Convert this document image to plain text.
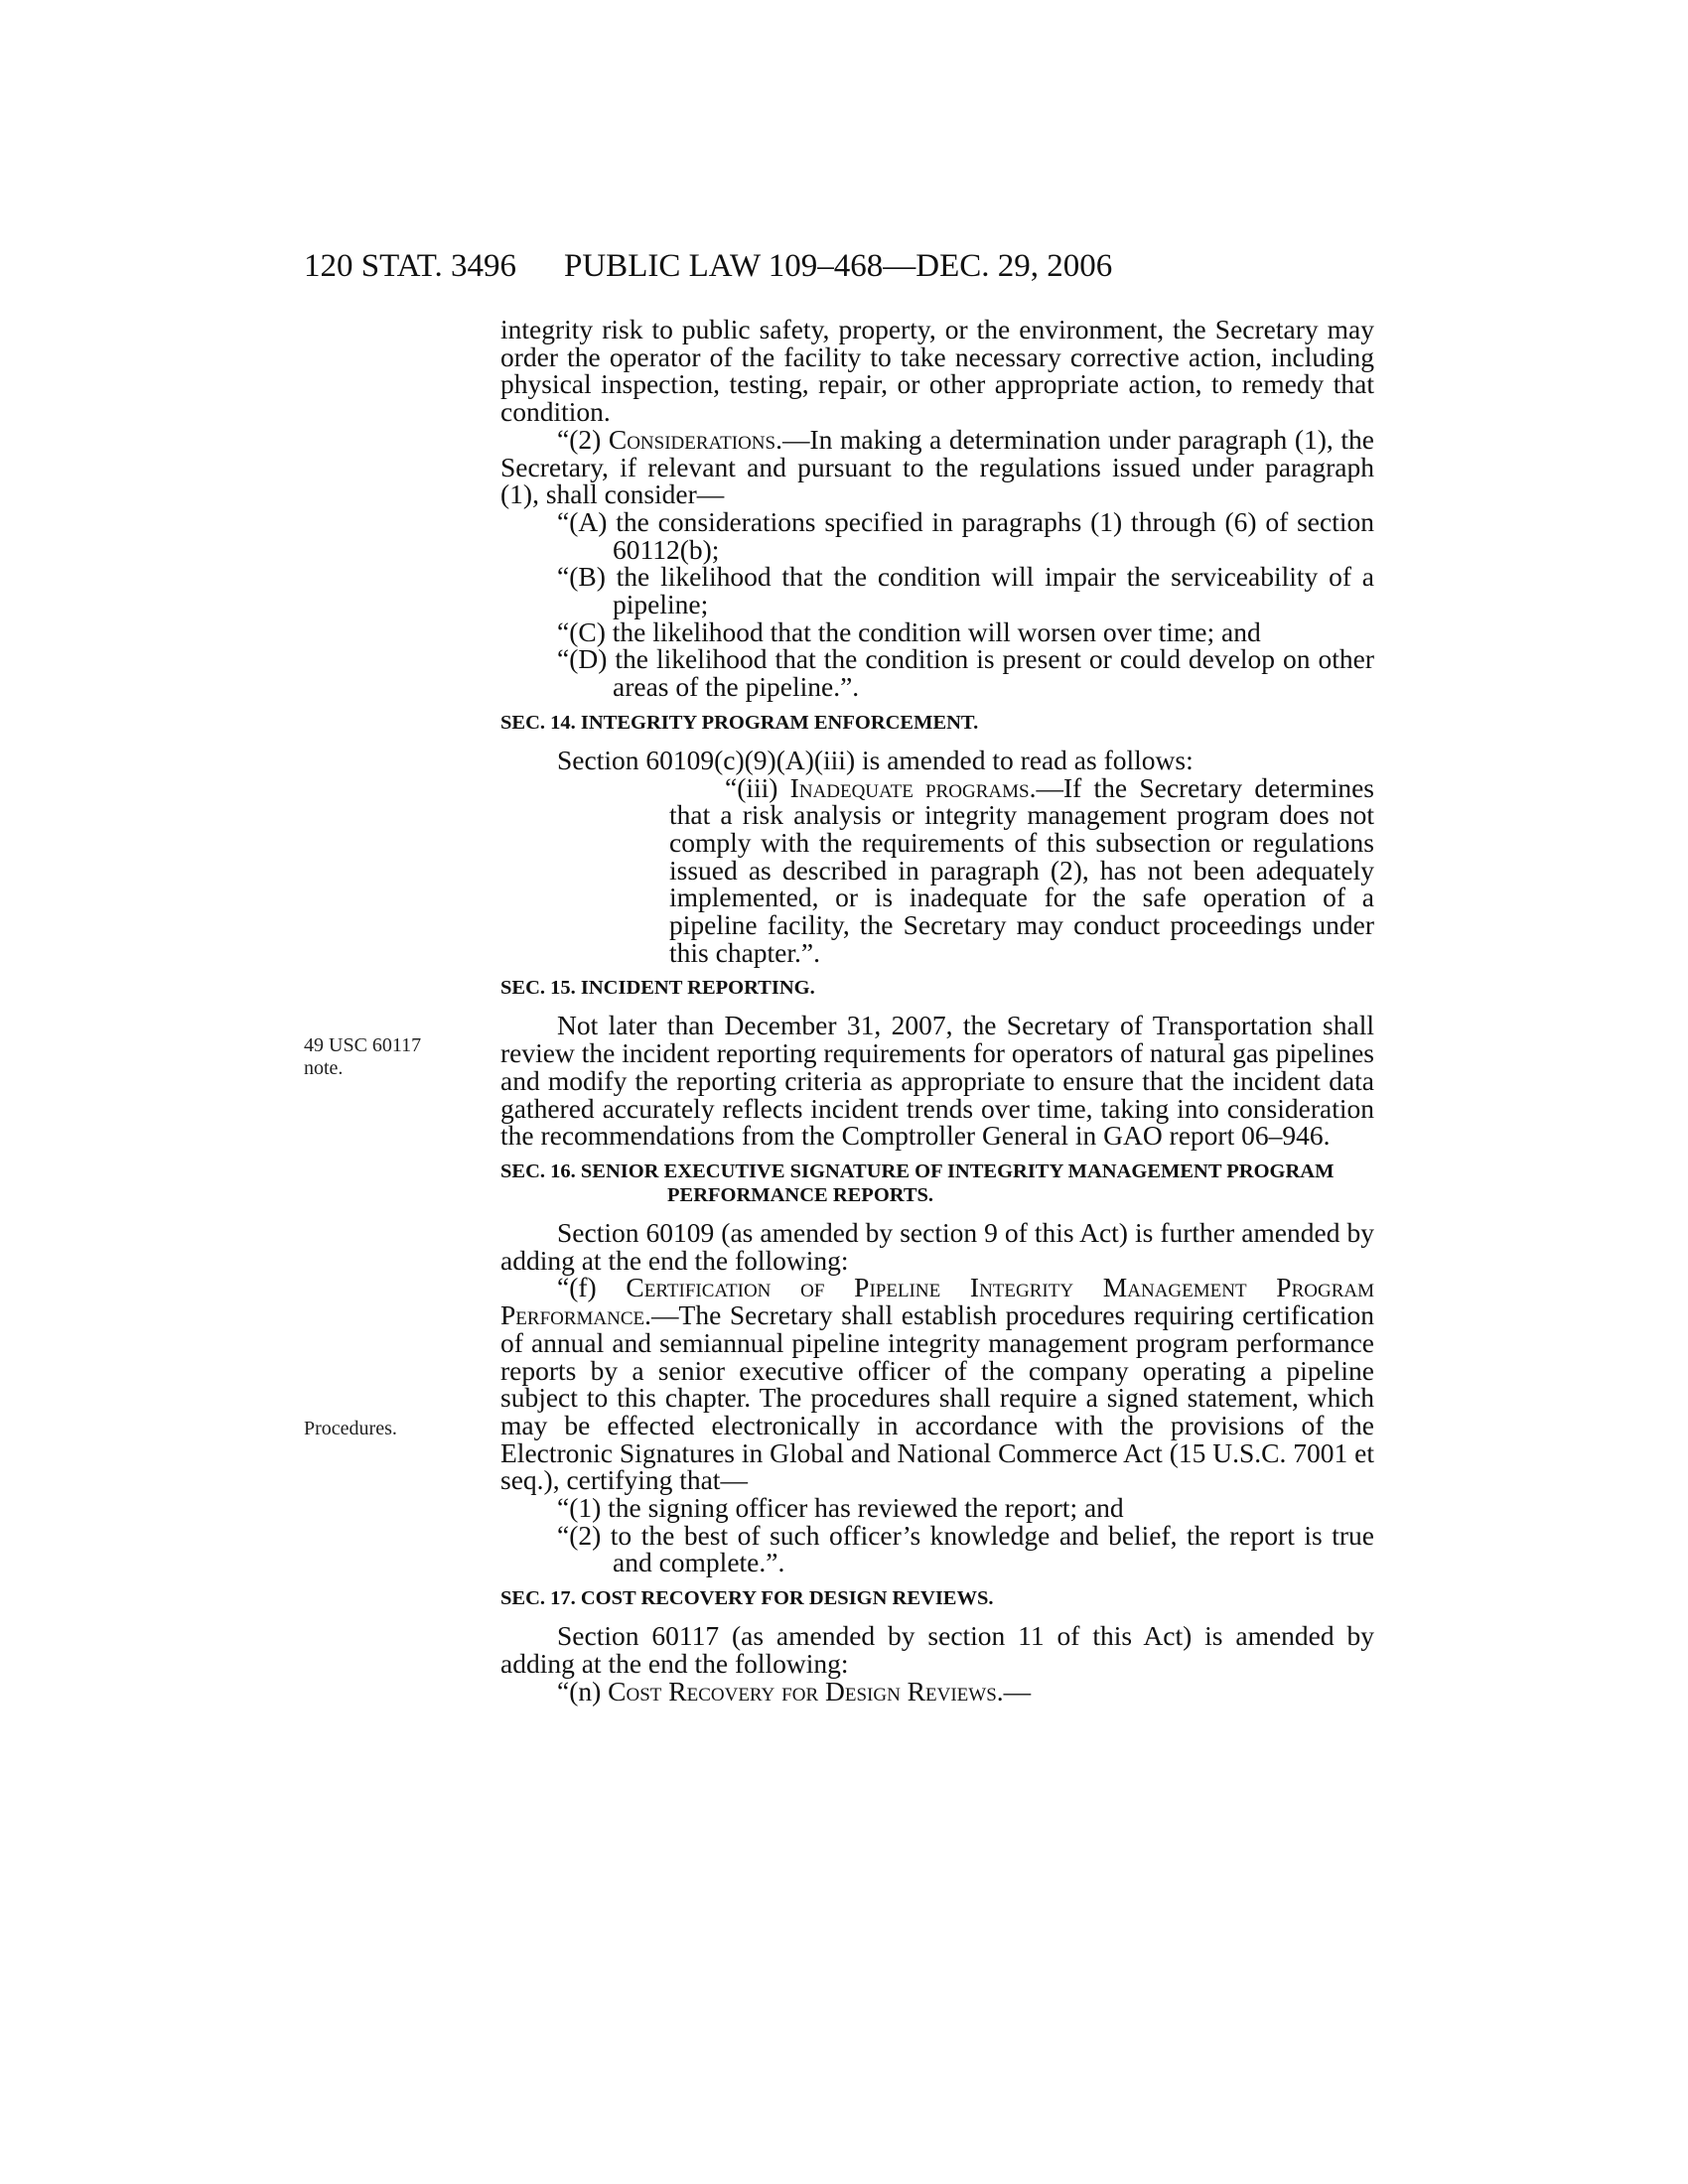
120 STAT. 3496 PUBLIC LAW 109–468—DEC. 29, 2006
49 USC 60117
note.
Procedures.

integrity risk to public safety, property, or the environment, the Secretary may order the operator of the facility to take necessary corrective action, including physical inspection, testing, repair, or other appropriate action, to remedy that condition.

“(2) Considerations.—In making a determination under paragraph (1), the Secretary, if relevant and pursuant to the regulations issued under paragraph (1), shall consider—

“(A) the considerations specified in paragraphs (1) through (6) of section 60112(b);

“(B) the likelihood that the condition will impair the serviceability of a pipeline;

“(C) the likelihood that the condition will worsen over time; and

“(D) the likelihood that the condition is present or could develop on other areas of the pipeline.”.

SEC. 14. INTEGRITY PROGRAM ENFORCEMENT.

Section 60109(c)(9)(A)(iii) is amended to read as follows:

“(iii) Inadequate programs.—If the Secretary determines that a risk analysis or integrity management program does not comply with the requirements of this subsection or regulations issued as described in paragraph (2), has not been adequately implemented, or is inadequate for the safe operation of a pipeline facility, the Secretary may conduct proceedings under this chapter.”.

SEC. 15. INCIDENT REPORTING.

Not later than December 31, 2007, the Secretary of Transportation shall review the incident reporting requirements for operators of natural gas pipelines and modify the reporting criteria as appropriate to ensure that the incident data gathered accurately reflects incident trends over time, taking into consideration the recommendations from the Comptroller General in GAO report 06–946.

SEC. 16. SENIOR EXECUTIVE SIGNATURE OF INTEGRITY MANAGEMENT PROGRAM PERFORMANCE REPORTS.

Section 60109 (as amended by section 9 of this Act) is further amended by adding at the end the following:

“(f) Certification of Pipeline Integrity Management Program Performance.—The Secretary shall establish procedures requiring certification of annual and semiannual pipeline integrity management program performance reports by a senior executive officer of the company operating a pipeline subject to this chapter. The procedures shall require a signed statement, which may be effected electronically in accordance with the provisions of the Electronic Signatures in Global and National Commerce Act (15 U.S.C. 7001 et seq.), certifying that—

“(1) the signing officer has reviewed the report; and

“(2) to the best of such officer’s knowledge and belief, the report is true and complete.”.

SEC. 17. COST RECOVERY FOR DESIGN REVIEWS.

Section 60117 (as amended by section 11 of this Act) is amended by adding at the end the following:

“(n) Cost Recovery for Design Reviews.—
